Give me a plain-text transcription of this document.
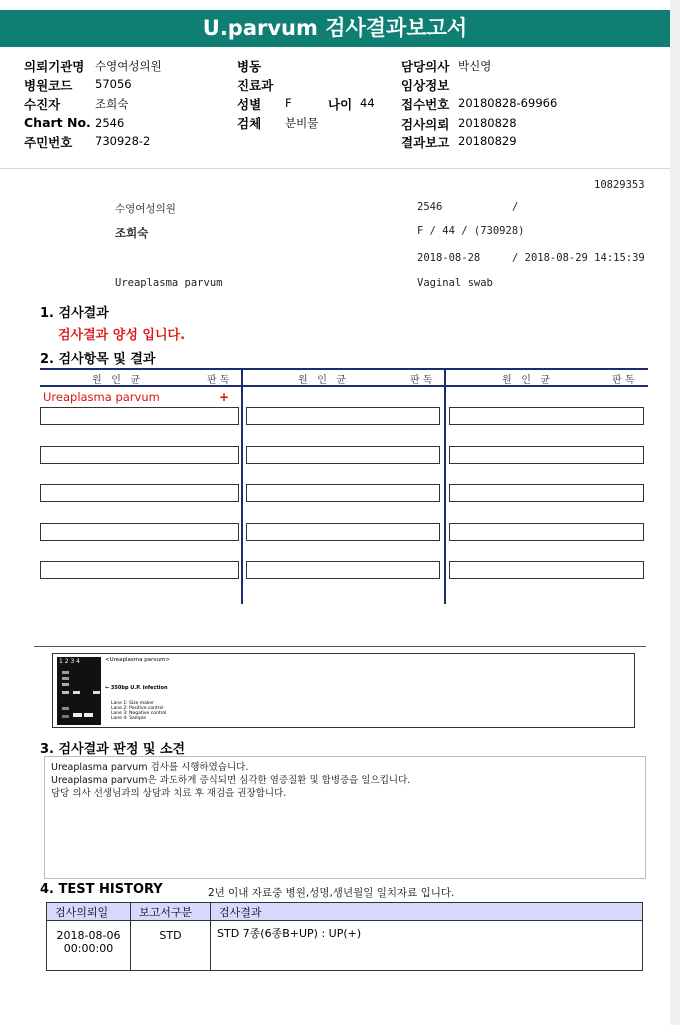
U.parvum 검사결과보고서
의뢰기관명 수영여성의원
병원코드 57056
수진자	조희숙
Chart No. 2546
주민번호 730928-2
병동
진료과
성별 F	나이 44
검체 분비물
담당의사 박신영
임상정보
접수번호 20180828-69966
검사의뢰 20180828
결과보고 20180829
10829353
수영여성의원	2546	/
조희숙	F / 44 / (730928)
2018-08-28	/ 2018-08-29 14:15:39
Ureaplasma parvum	Vaginal swab
1. 검사결과
검사결과 양성 입니다.
2. 검사항목 및 결과
원   인   균	판 독	원   인   균	판 독	원   인   균	판 독
Ureaplasma parvum	+
1 2 3 4	<Ureaplasma parvum>
← 350bp U.P. infection
Lane 1: Size maker
Lane 2: Positive control
Lane 3: Negative control
Lane 4: Sample
3. 검사결과 판정 및 소견
Ureaplasma parvum 검사를 시행하였습니다.
Ureaplasma parvum은 과도하게 증식되면 심각한 염증질환 및 합병증을 일으킵니다.
담당 의사 선생님과의 상담과 치료 후 재검을 권장합니다.
4. TEST HISTORY	2년 이내 자료중 병원,성명,생년월일 일치자료 입니다.
검사의뢰일	보고서구분	검사결과

2018-08-06
00:00:00	STD	STD 7종(6종B+UP) : UP(+)
